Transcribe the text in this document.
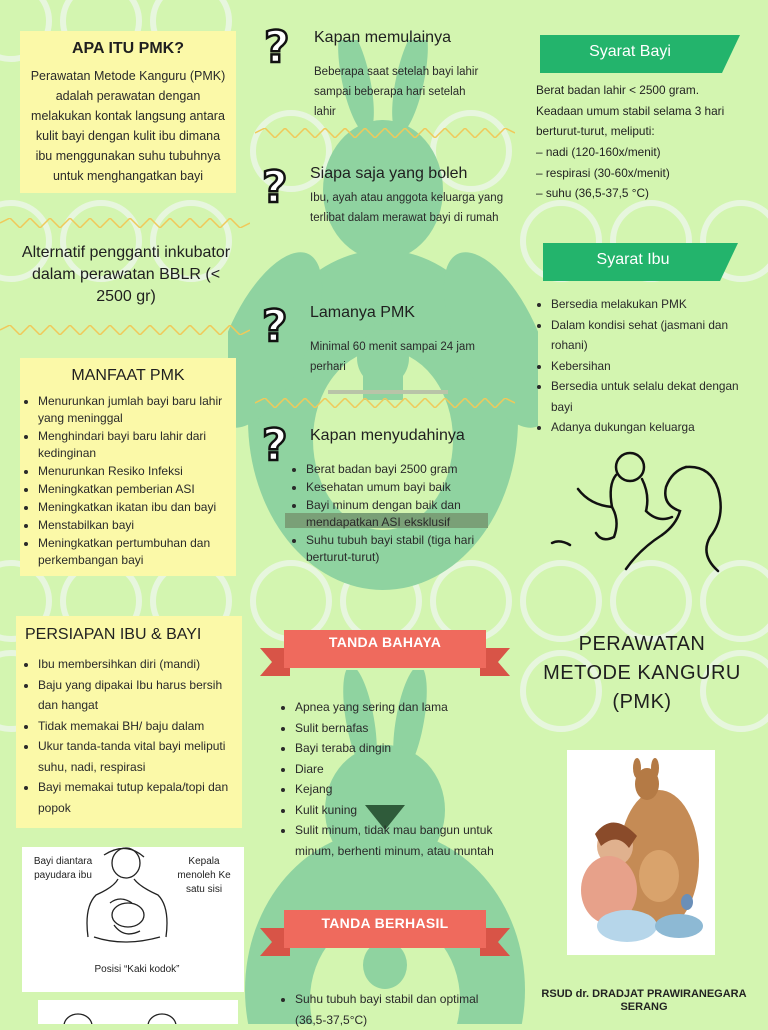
APA ITU PMK?
Perawatan Metode Kanguru (PMK) adalah perawatan dengan melakukan kontak langsung antara kulit bayi dengan kulit ibu dimana ibu menggunakan suhu tubuhnya untuk menghangatkan bayi
Alternatif pengganti inkubator dalam perawatan BBLR (< 2500 gr)
MANFAAT PMK
• Menurunkan jumlah bayi baru lahir yang meninggal
• Menghindari bayi baru lahir dari kedinginan
• Menurunkan Resiko Infeksi
• Meningkatkan pemberian ASI
• Meningkatkan ikatan ibu dan bayi
• Menstabilkan bayi
• Meningkatkan pertumbuhan dan perkembangan bayi
PERSIAPAN IBU & BAYI
• Ibu membersihkan diri (mandi)
• Baju yang dipakai Ibu harus bersih dan hangat
• Tidak memakai BH/ baju dalam
• Ukur tanda-tanda vital bayi meliputi suhu, nadi, respirasi
• Bayi memakai tutup kepala/topi dan popok
Bayi diantara payudara ibu
Kepala menoleh Ke satu sisi
Posisi “Kaki kodok”
? Kapan memulainya
Beberapa saat setelah bayi lahir sampai beberapa hari setelah lahir
? Siapa saja yang boleh
Ibu, ayah atau anggota keluarga yang terlibat dalam merawat bayi di rumah
? Lamanya PMK
Minimal 60 menit sampai 24 jam perhari
? Kapan menyudahinya
• Berat badan bayi 2500 gram
• Kesehatan umum bayi baik
• Bayi minum dengan baik dan mendapatkan ASI eksklusif
• Suhu tubuh bayi stabil (tiga hari berturut-turut)
TANDA BAHAYA
• Apnea yang sering dan lama
• Sulit bernafas
• Bayi teraba dingin
• Diare
• Kejang
• Kulit kuning
• Sulit minum, tidak mau bangun untuk minum, berhenti minum, atau muntah
TANDA BERHASIL
• Suhu tubuh bayi stabil dan optimal (36,5-37,5°C)
Syarat Bayi
Berat badan lahir < 2500 gram. Keadaan umum stabil selama 3 hari berturut-turut, meliputi:
– nadi (120-160x/menit)
– respirasi (30-60x/menit)
– suhu (36,5-37,5 °C)
Syarat Ibu
• Bersedia melakukan PMK
• Dalam kondisi sehat (jasmani dan rohani)
• Kebersihan
• Bersedia untuk selalu dekat dengan bayi
• Adanya dukungan keluarga
PERAWATAN METODE KANGURU (PMK)
RSUD dr. DRADJAT PRAWIRANEGARA SERANG
